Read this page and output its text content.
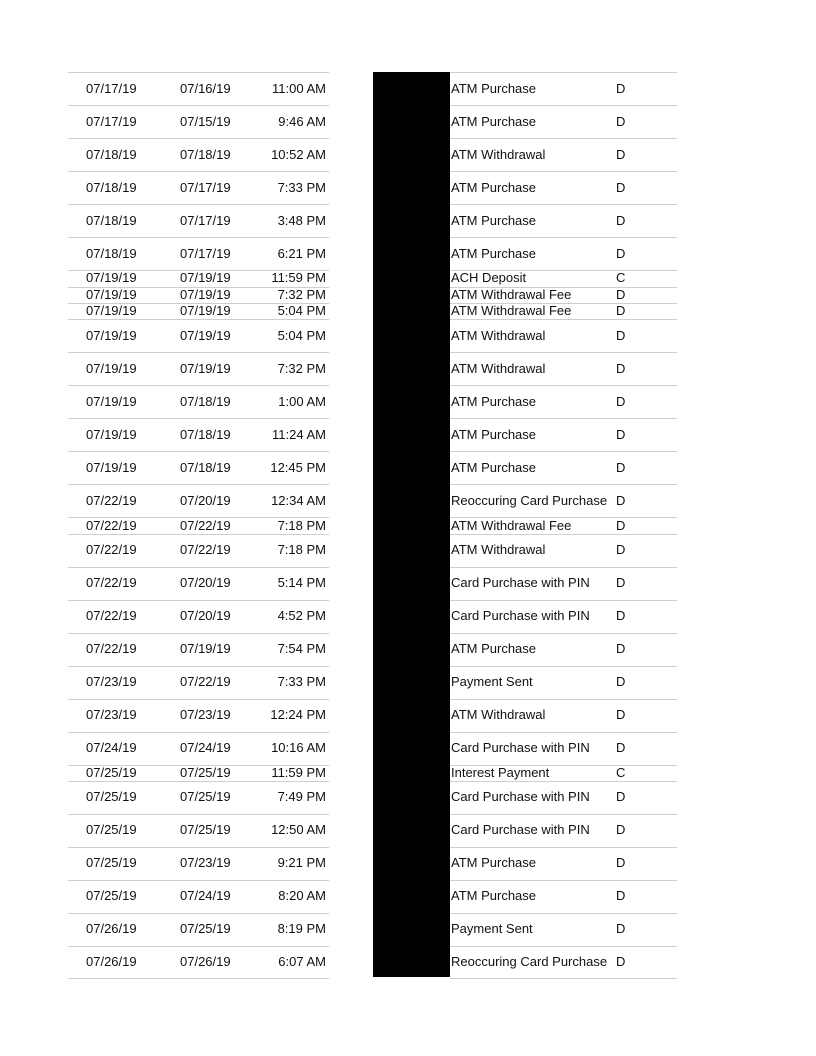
07/17/19	07/16/19	11:00 AM	ATM Purchase	D
07/17/19	07/15/19	9:46 AM	ATM Purchase	D
07/18/19	07/18/19	10:52 AM	ATM Withdrawal	D
07/18/19	07/17/19	7:33 PM	ATM Purchase	D
07/18/19	07/17/19	3:48 PM	ATM Purchase	D
07/18/19	07/17/19	6:21 PM	ATM Purchase	D
07/19/19	07/19/19	11:59 PM	ACH Deposit	C
07/19/19	07/19/19	7:32 PM	ATM Withdrawal Fee	D
07/19/19	07/19/19	5:04 PM	ATM Withdrawal Fee	D
07/19/19	07/19/19	5:04 PM	ATM Withdrawal	D
07/19/19	07/19/19	7:32 PM	ATM Withdrawal	D
07/19/19	07/18/19	1:00 AM	ATM Purchase	D
07/19/19	07/18/19	11:24 AM	ATM Purchase	D
07/19/19	07/18/19	12:45 PM	ATM Purchase	D
07/22/19	07/20/19	12:34 AM	Reoccuring Card Purchase D
07/22/19	07/22/19	7:18 PM	ATM Withdrawal Fee	D
07/22/19	07/22/19	7:18 PM	ATM Withdrawal	D
07/22/19	07/20/19	5:14 PM	Card Purchase with PIN D
07/22/19	07/20/19	4:52 PM	Card Purchase with PIN D
07/22/19	07/19/19	7:54 PM	ATM Purchase	D
07/23/19	07/22/19	7:33 PM	Payment Sent	D
07/23/19	07/23/19	12:24 PM	ATM Withdrawal	D
07/24/19	07/24/19	10:16 AM	Card Purchase with PIN D
07/25/19	07/25/19	11:59 PM	Interest Payment	C
07/25/19	07/25/19	7:49 PM	Card Purchase with PIN D
07/25/19	07/25/19	12:50 AM	Card Purchase with PIN D
07/25/19	07/23/19	9:21 PM	ATM Purchase	D
07/25/19	07/24/19	8:20 AM	ATM Purchase	D
07/26/19	07/25/19	8:19 PM	Payment Sent	D
07/26/19	07/26/19	6:07 AM	Reoccuring Card Purchase D
